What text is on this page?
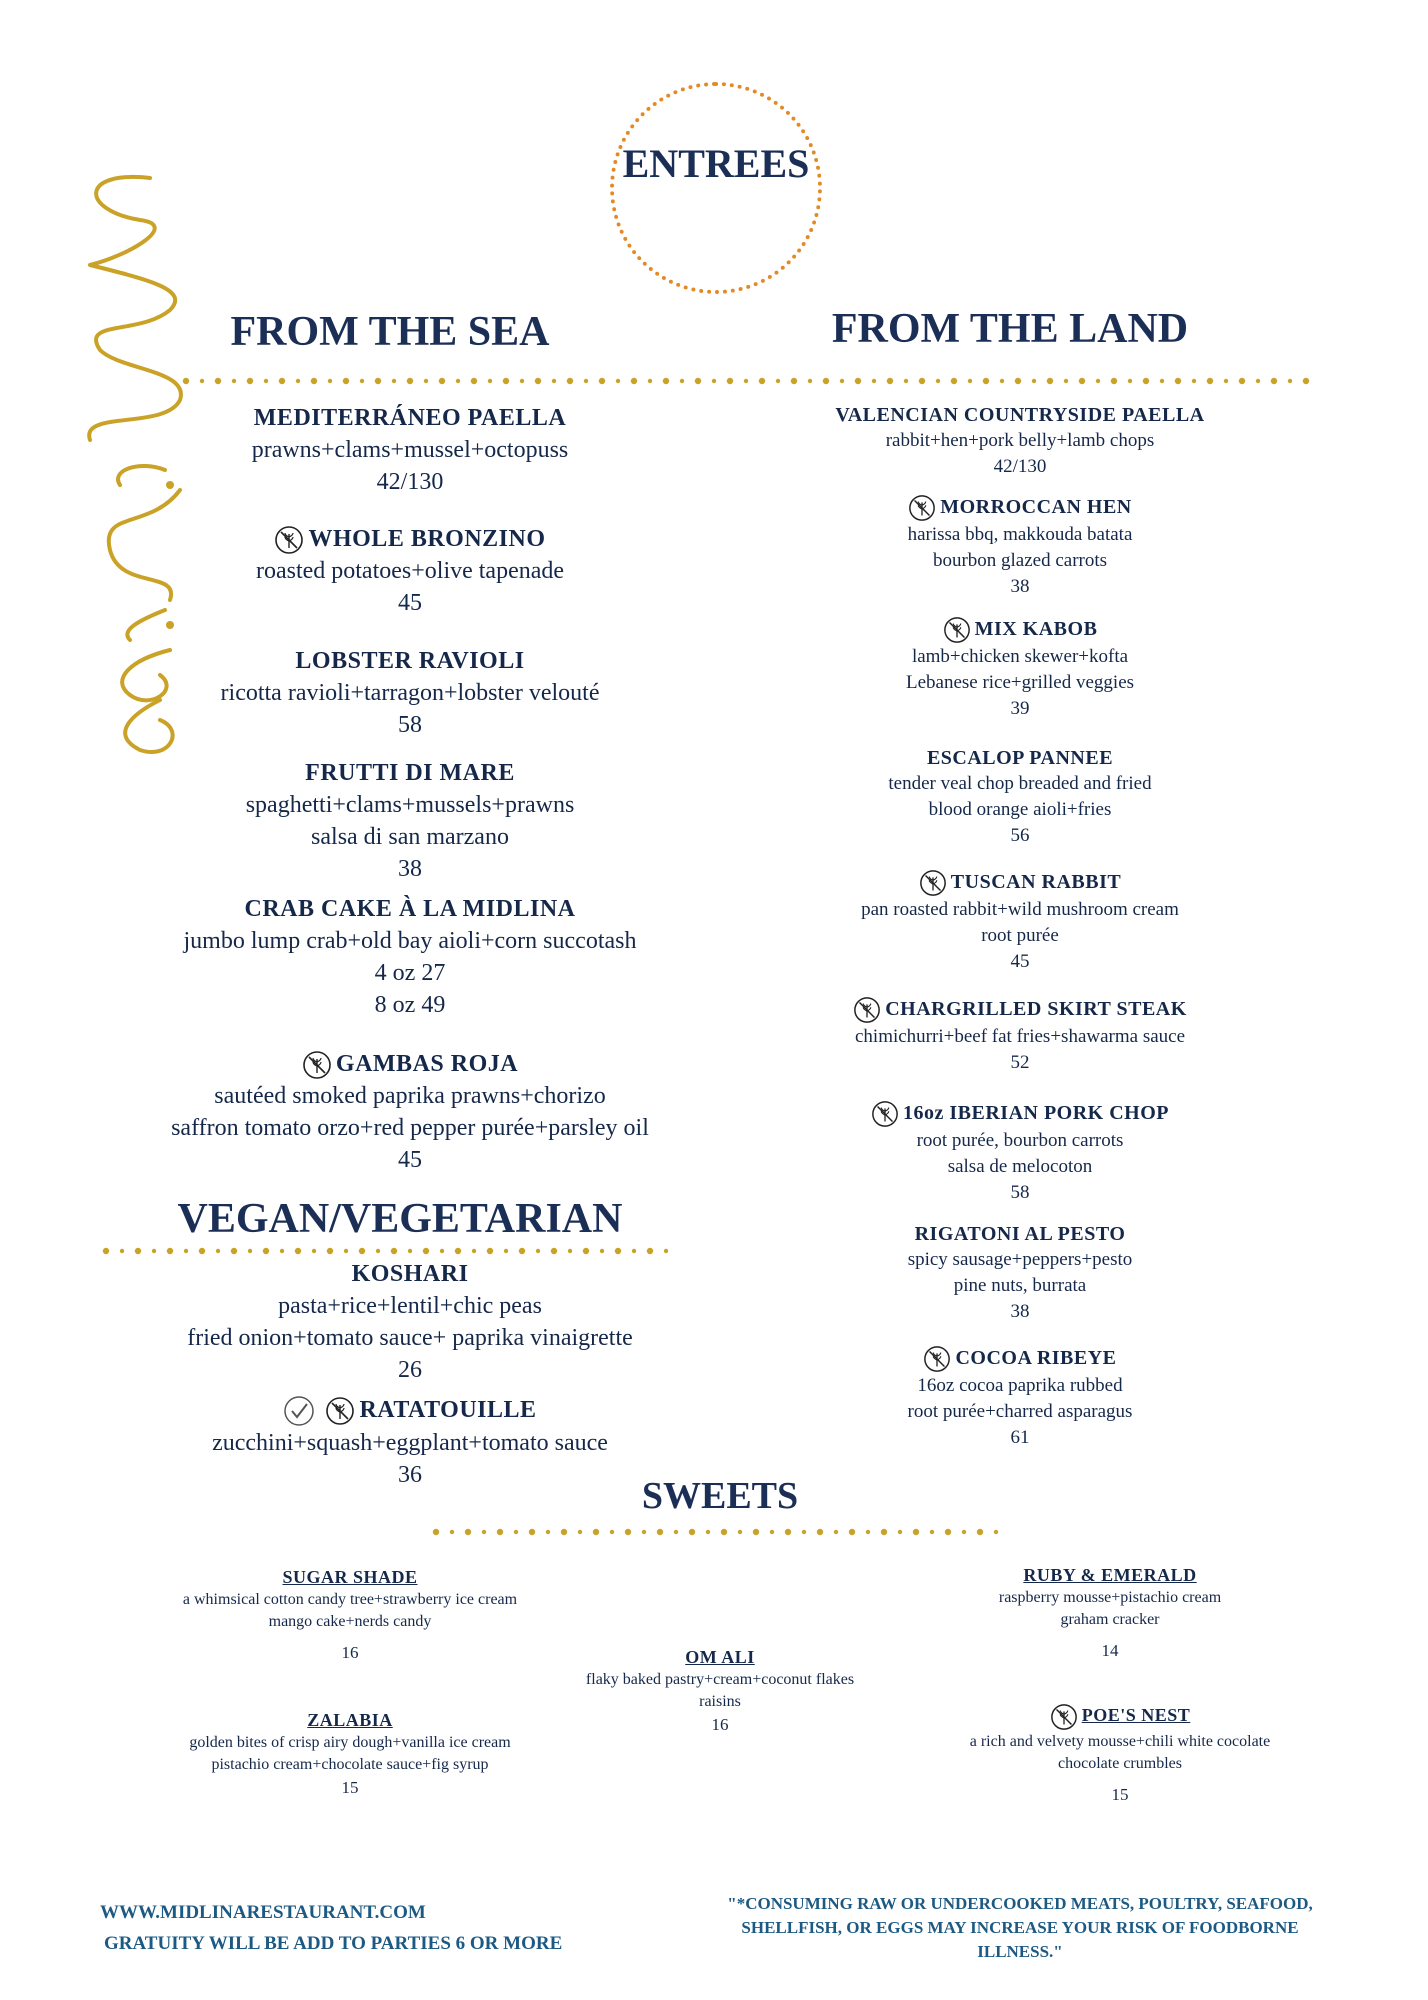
ENTREES
FROM THE SEA	FROM THE LAND
MEDITERRÁNEO PAELLA
prawns+clams+mussel+octopuss
42/130
WHOLE BRONZINO
roasted potatoes+olive tapenade
45
LOBSTER RAVIOLI
ricotta ravioli+tarragon+lobster velouté
58
FRUTTI DI MARE
spaghetti+clams+mussels+prawns
salsa di san marzano
38
CRAB CAKE À LA MIDLINA
jumbo lump crab+old bay aioli+corn succotash
4 oz 27
8 oz 49
GAMBAS ROJA
sautéed smoked paprika prawns+chorizo
saffron tomato orzo+red pepper purée+parsley oil
45
VEGAN/VEGETARIAN
KOSHARI
pasta+rice+lentil+chic peas
fried onion+tomato sauce+ paprika vinaigrette
26
RATATOUILLE
zucchini+squash+eggplant+tomato sauce
36
VALENCIAN COUNTRYSIDE PAELLA
rabbit+hen+pork belly+lamb chops
42/130
MORROCCAN HEN
harissa bbq, makkouda batata
bourbon glazed carrots
38
MIX KABOB
lamb+chicken skewer+kofta
Lebanese rice+grilled veggies
39
ESCALOP PANNEE
tender veal chop breaded and fried
blood orange aioli+fries
56
TUSCAN RABBIT
pan roasted rabbit+wild mushroom cream
root purée
45
CHARGRILLED SKIRT STEAK
chimichurri+beef fat fries+shawarma sauce
52
16oz IBERIAN PORK CHOP
root purée, bourbon carrots
salsa de melocoton
58
RIGATONI AL PESTO
spicy sausage+peppers+pesto
pine nuts, burrata
38
COCOA RIBEYE
16oz cocoa paprika rubbed
root purée+charred asparagus
61
SWEETS
SUGAR SHADE
a whimsical cotton candy tree+strawberry ice cream
mango cake+nerds candy
16
ZALABIA
golden bites of crisp airy dough+vanilla ice cream
pistachio cream+chocolate sauce+fig syrup
15
OM ALI
flaky baked pastry+cream+coconut flakes
raisins
16
RUBY & EMERALD
raspberry mousse+pistachio cream
graham cracker
14
POE'S NEST
a rich and velvety mousse+chili white cocolate
chocolate crumbles
15
WWW.MIDLINARESTAURANT.COM
GRATUITY WILL BE ADD TO PARTIES 6 OR MORE
"*CONSUMING RAW OR UNDERCOOKED MEATS, POULTRY, SEAFOOD, SHELLFISH, OR EGGS MAY INCREASE YOUR RISK OF FOODBORNE ILLNESS."
